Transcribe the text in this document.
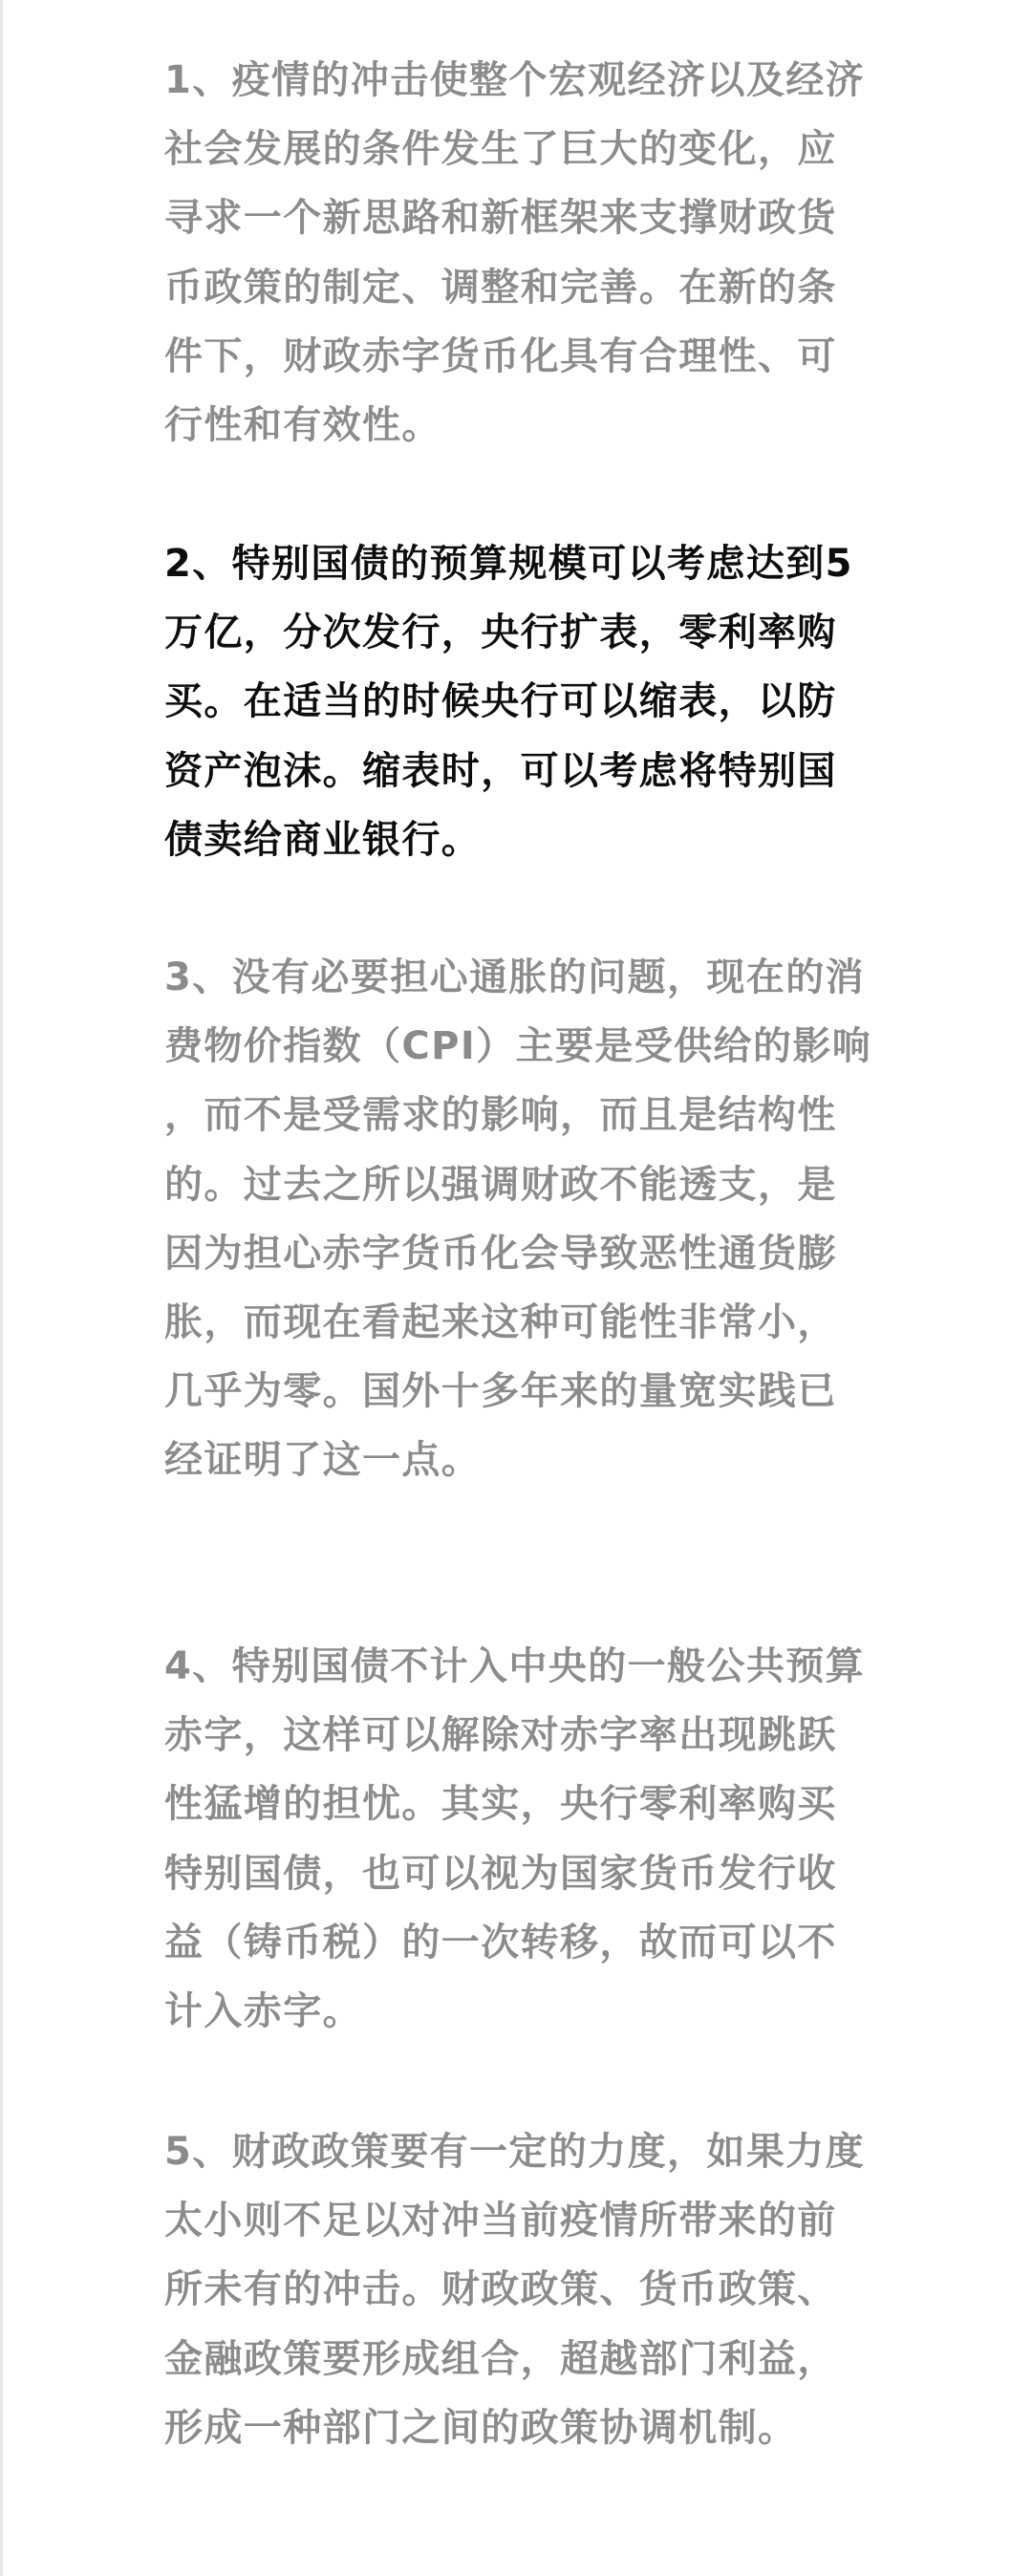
1、疫情的冲击使整个宏观经济以及经济社会发展的条件发生了巨大的变化，应寻求一个新思路和新框架来支撑财政货币政策的制定、调整和完善。在新的条件下，财政赤字货币化具有合理性、可行性和有效性。

2、特别国债的预算规模可以考虑达到5万亿，分次发行，央行扩表，零利率购买。在适当的时候央行可以缩表，以防资产泡沫。缩表时，可以考虑将特别国债卖给商业银行。

3、没有必要担心通胀的问题，现在的消费物价指数（CPI）主要是受供给的影响，而不是受需求的影响，而且是结构性的。过去之所以强调财政不能透支，是因为担心赤字货币化会导致恶性通货膨胀，而现在看起来这种可能性非常小，几乎为零。国外十多年来的量宽实践已经证明了这一点。

4、特别国债不计入中央的一般公共预算赤字，这样可以解除对赤字率出现跳跃性猛增的担忧。其实，央行零利率购买特别国债，也可以视为国家货币发行收益（铸币税）的一次转移，故而可以不计入赤字。

5、财政政策要有一定的力度，如果力度太小则不足以对冲当前疫情所带来的前所未有的冲击。财政政策、货币政策、金融政策要形成组合，超越部门利益，形成一种部门之间的政策协调机制。
